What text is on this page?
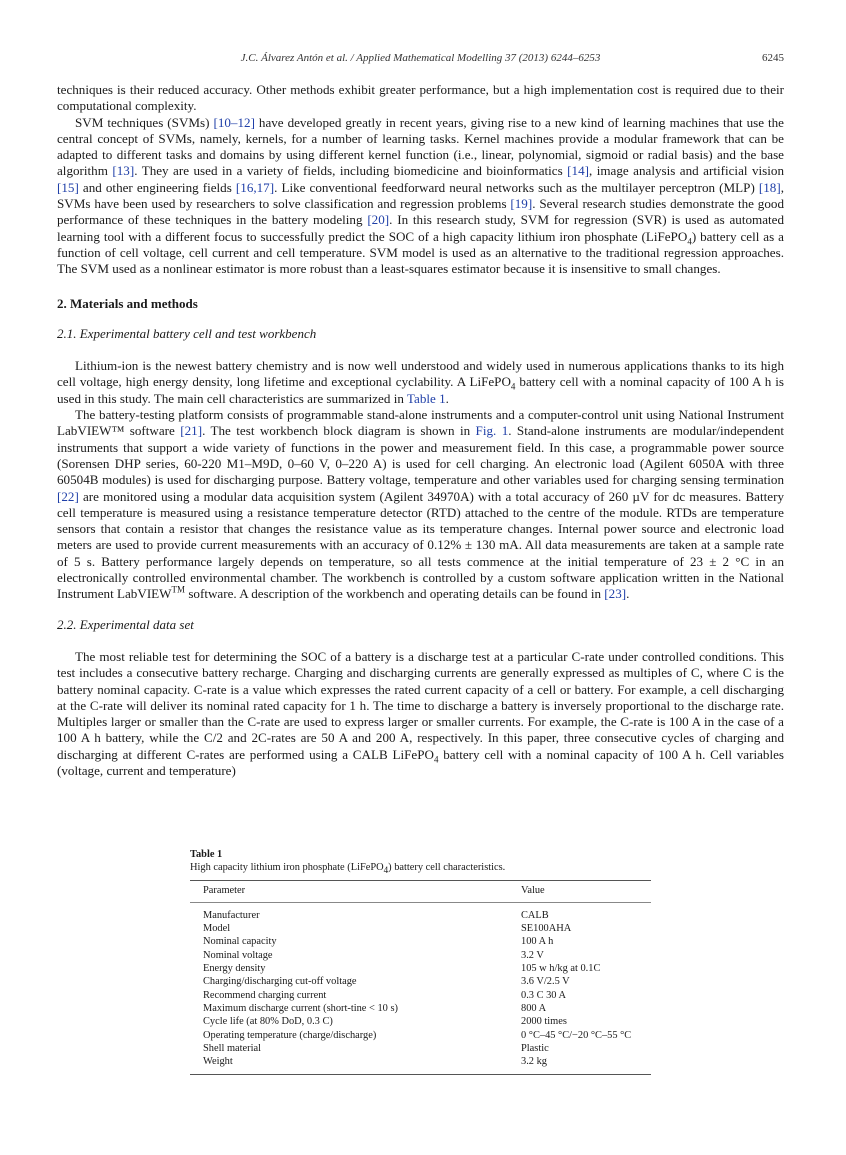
J.C. Álvarez Antón et al. / Applied Mathematical Modelling 37 (2013) 6244–6253	6245

techniques is their reduced accuracy. Other methods exhibit greater performance, but a high implementation cost is required due to their computational complexity.

SVM techniques (SVMs) [10–12] have developed greatly in recent years, giving rise to a new kind of learning machines that use the central concept of SVMs, namely, kernels, for a number of learning tasks. Kernel machines provide a modular framework that can be adapted to different tasks and domains by using different kernel function (i.e., linear, polynomial, sigmoid or radial basis) and the base algorithm [13]. They are used in a variety of fields, including biomedicine and bioinformatics [14], image analysis and artificial vision [15] and other engineering fields [16,17]. Like conventional feedforward neural networks such as the multilayer perceptron (MLP) [18], SVMs have been used by researchers to solve classification and regression problems [19]. Several research studies demonstrate the good performance of these techniques in the battery modeling [20]. In this research study, SVM for regression (SVR) is used as automated learning tool with a different focus to successfully predict the SOC of a high capacity lithium iron phosphate (LiFePO$_4$) battery cell as a function of cell voltage, cell current and cell temperature. SVM model is used as an alternative to the traditional regression approaches. The SVM used as a nonlinear estimator is more robust than a least-squares estimator because it is insensitive to small changes.

2. Materials and methods
2.1. Experimental battery cell and test workbench

Lithium-ion is the newest battery chemistry and is now well understood and widely used in numerous applications thanks to its high cell voltage, high energy density, long lifetime and exceptional cyclability. A LiFePO$_4$ battery cell with a nominal capacity of 100 A h is used in this study. The main cell characteristics are summarized in Table 1.

The battery-testing platform consists of programmable stand-alone instruments and a computer-control unit using National Instrument LabVIEW™ software [21]. The test workbench block diagram is shown in Fig. 1. Stand-alone instruments are modular/independent instruments that support a wide variety of functions in the power and measurement field. In this case, a programmable power source (Sorensen DHP series, 60-220 M1–M9D, 0–60 V, 0–220 A) is used for cell charging. An electronic load (Agilent 6050A with three 60504B modules) is used for discharging purpose. Battery voltage, temperature and other variables used for charging sensing termination [22] are monitored using a modular data acquisition system (Agilent 34970A) with a total accuracy of 260 µV for dc measures. Battery cell temperature is measured using a resistance temperature detector (RTD) attached to the centre of the module. RTDs are temperature sensors that contain a resistor that changes the resistance value as its temperature changes. Internal power source and electronic load meters are used to provide current measurements with an accuracy of 0.12% ± 130 mA. All data measurements are taken at a sample rate of 5 s. Battery performance largely depends on temperature, so all tests commence at the initial temperature of 23 ± 2 °C in an electronically controlled environmental chamber. The workbench is controlled by a custom software application written in the National Instrument LabVIEW™ software. A description of the workbench and operating details can be found in [23].

2.2. Experimental data set

The most reliable test for determining the SOC of a battery is a discharge test at a particular C-rate under controlled conditions. This test includes a consecutive battery recharge. Charging and discharging currents are generally expressed as multiples of C, where C is the battery nominal capacity. C-rate is a value which expresses the rated current capacity of a cell or battery. For example, a cell discharging at the C-rate will deliver its nominal rated capacity for 1 h. The time to discharge a battery is inversely proportional to the discharge rate. Multiples larger or smaller than the C-rate are used to express larger or smaller currents. For example, the C-rate is 100 A in the case of a 100 A h battery, while the C/2 and 2C-rates are 50 A and 200 A, respectively. In this paper, three consecutive cycles of charging and discharging at different C-rates are performed using a CALB LiFePO$_4$ battery cell with a nominal capacity of 100 A h. Cell variables (voltage, current and temperature)

Table 1
High capacity lithium iron phosphate (LiFePO$_4$) battery cell characteristics.
Parameter	Value
Manufacturer	CALB
Model	SE100AHA
Nominal capacity	100 A h
Nominal voltage	3.2 V
Energy density	105 w h/kg at 0.1C
Charging/discharging cut-off voltage	3.6 V/2.5 V
Recommend charging current	0.3 C 30 A
Maximum discharge current (short-tine < 10 s)	800 A
Cycle life (at 80% DoD, 0.3 C)	2000 times
Operating temperature (charge/discharge)	0 °C–45 °C/−20 °C–55 °C
Shell material	Plastic
Weight	3.2 kg
